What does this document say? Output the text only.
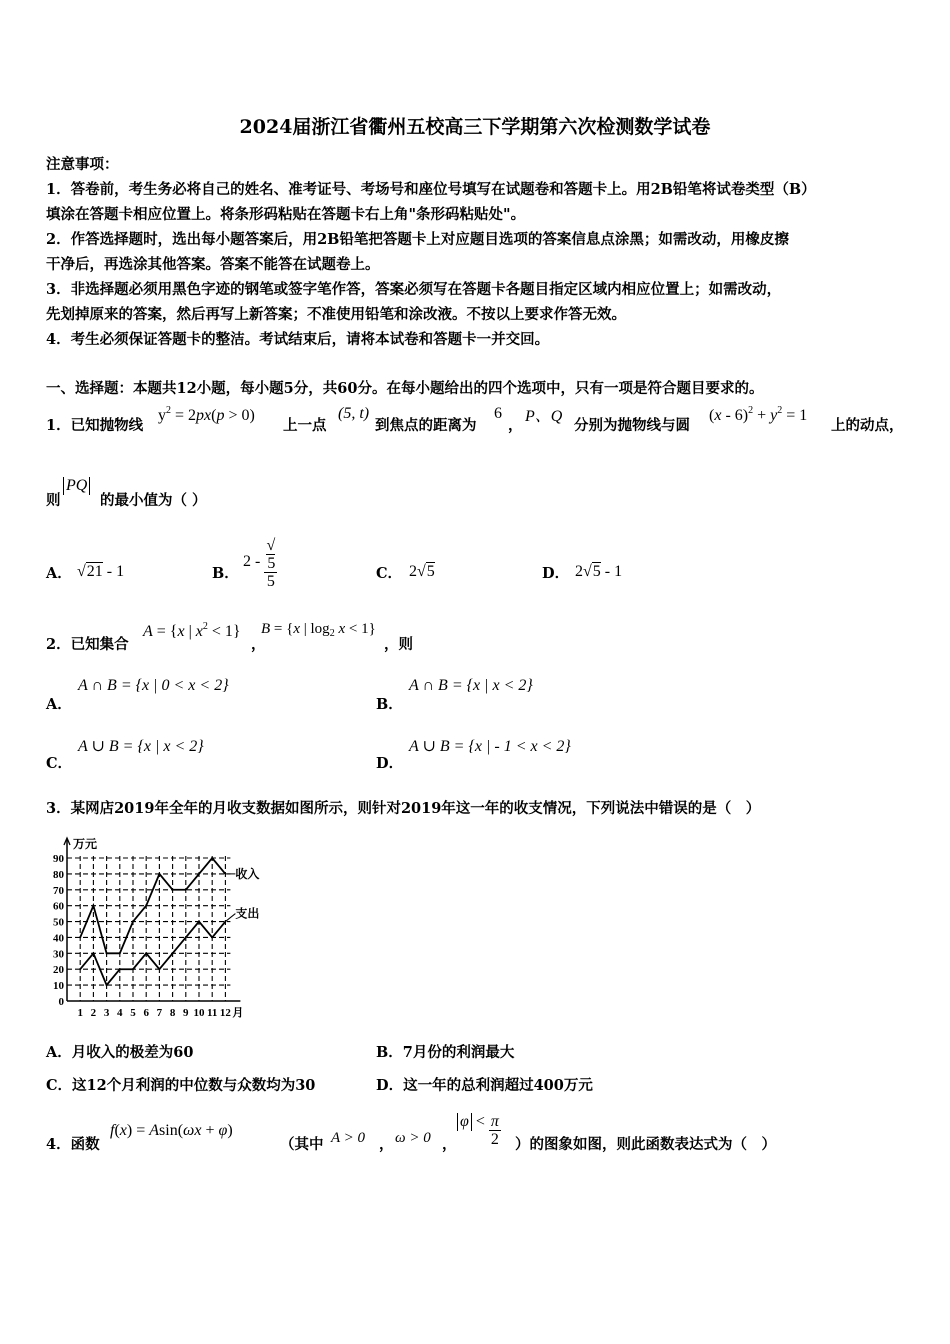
2024届浙江省衢州五校高三下学期第六次检测数学试卷
注意事项：
1．答卷前，考生务必将自己的姓名、准考证号、考场号和座位号填写在试题卷和答题卡上。用2B铅笔将试卷类型（B）
填涂在答题卡相应位置上。将条形码粘贴在答题卡右上角"条形码粘贴处"。
2．作答选择题时，选出每小题答案后，用2B铅笔把答题卡上对应题目选项的答案信息点涂黑；如需改动，用橡皮擦
干净后，再选涂其他答案。答案不能答在试题卷上。
3．非选择题必须用黑色字迹的钢笔或签字笔作答，答案必须写在答题卡各题目指定区域内相应位置上；如需改动，
先划掉原来的答案，然后再写上新答案；不准使用铅笔和涂改液。不按以上要求作答无效。
4．考生必须保证答题卡的整洁。考试结束后，请将本试卷和答题卡一并交回。
一、选择题：本题共12小题，每小题5分，共60分。在每小题给出的四个选项中，只有一项是符合题目要求的。
1．已知抛物线
$y^2 = 2px(p > 0)$
上一点
(5, t)
到焦点的距离为
6
，
P、Q
分别为抛物线与圆
$(x - 6)^2 + y^2 = 1$
上的动点，
则
PQ
的最小值为（ ）
A． √21 - 1	B．
2 - √
5
5	C． 2√5	D． 2√5 - 1
2．已知集合
A = {x | $x^2 < 1$}
，
B = {x | $\log_2 x < 1$}
，则
A．
A ∩ B = {x | 0 < x < 2}
B．
A ∩ B = {x | x < 2}
C．
A ∪ B = {x | x < 2}
D．
A ∪ B = {x | - 1 < x < 2}
3．某网店2019年全年的月收支数据如图所示，则针对2019年这一年的收支情况，下列说法中错误的是（　）
0
10
20
30
40
50
60
70
80
90
1 2 3 4 5 6 7 8 9 10 11 12
万元
月
收入
支出
A．月收入的极差为60	B．7月份的利润最大
C．这12个月利润的中位数与众数均为30	D．这一年的总利润超过400万元
4．函数
f(x) = Asin(ωx + φ)
（其中 A > 0 ， ω > 0 ，
$\varphi < \frac{\pi}{2}$ ）的图象如图，则此函数表达式为（　）
